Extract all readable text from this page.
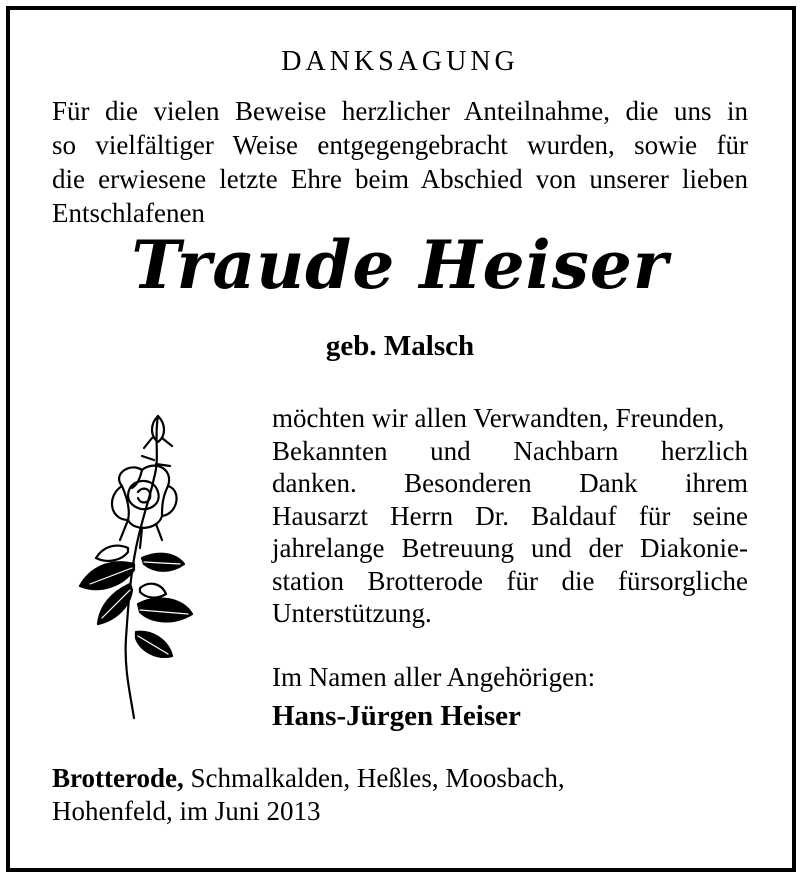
DANKSAGUNG
Für die vielen Beweise herzlicher Anteilnahme, die uns in
so vielfältiger Weise entgegengebracht wurden, sowie für
die erwiesene letzte Ehre beim Abschied von unserer lieben
Entschlafenen
Traude Heiser
geb. Malsch
möchten wir allen Verwandten, Freunden,
Bekannten und Nachbarn herzlich
danken. Besonderen Dank ihrem
Hausarzt Herrn Dr. Baldauf für seine
jahrelange Betreuung und der Diakonie-
station Brotterode für die fürsorgliche
Unterstützung.
Im Namen aller Angehörigen:
Hans-Jürgen Heiser
Brotterode, Schmalkalden, Heßles, Moosbach,
Hohenfeld, im Juni 2013
